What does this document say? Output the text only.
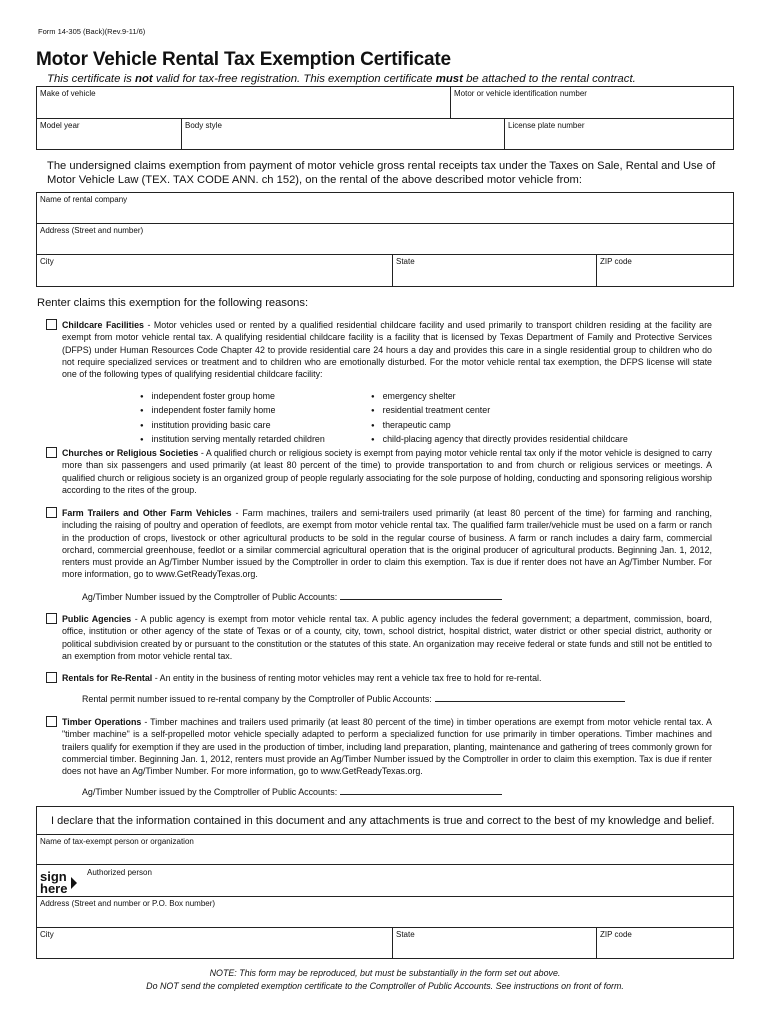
Form 14-305 (Back)(Rev.9-11/6)
Motor Vehicle Rental Tax Exemption Certificate
This certificate is not valid for tax-free registration. This exemption certificate must be attached to the rental contract.
Make of vehicle	Motor or vehicle identification number
Model year	Body style	License plate number
The undersigned claims exemption from payment of motor vehicle gross rental receipts tax under the Taxes on Sale, Rental and Use of Motor Vehicle Law (TEX. TAX CODE ANN. ch 152), on the rental of the above described motor vehicle from:
Name of rental company
Address (Street and number)
City	State	ZIP code
Renter claims this exemption for the following reasons:
Childcare Facilities - Motor vehicles used or rented by a qualified residential childcare facility and used primarily to transport children residing at the facility are exempt from motor vehicle rental tax. A qualifying residential childcare facility is a facility that is licensed by Texas Department of Family and Protective Services (DFPS) under Human Resources Code Chapter 42 to provide residential care 24 hours a day and provides this care in a single residential group to children who do not require specialized services or treatment and to children who are emotionally disturbed. For the motor vehicle rental tax exemption, the DFPS license will state one of the following types of qualifying residential childcare facility:
● independent foster group home
● independent foster family home
● institution providing basic care
● institution serving mentally retarded children
● emergency shelter
● residential treatment center
● therapeutic camp
● child-placing agency that directly provides residential childcare
Churches or Religious Societies - A qualified church or religious society is exempt from paying motor vehicle rental tax only if the motor vehicle is designed to carry more than six passengers and used primarily (at least 80 percent of the time) to provide transportation to and from church or religious services or meetings. A qualified church or religious society is an organized group of people regularly associating for the sole purpose of holding, conducting and sponsoring religious worship according to the rites of the group.
Farm Trailers and Other Farm Vehicles - Farm machines, trailers and semi-trailers used primarily (at least 80 percent of the time) for farming and ranching, including the raising of poultry and operation of feedlots, are exempt from motor vehicle rental tax. The qualified farm trailer/vehicle must be used on a farm or ranch in the production of crops, livestock or other agricultural products to be sold in the regular course of business. A farm or ranch includes a dairy farm, commercial orchard, commercial greenhouse, feedlot or a similar commercial agricultural operation that is the original producer of agricultural products. Beginning Jan. 1, 2012, renters must provide an Ag/Timber Number issued by the Comptroller in order to claim this exemption. Tax is due if renter does not have an Ag/Timber Number. For more information, go to www.GetReadyTexas.org.
Ag/Timber Number issued by the Comptroller of Public Accounts:
Public Agencies - A public agency is exempt from motor vehicle rental tax. A public agency includes the federal government; a department, commission, board, office, institution or other agency of the state of Texas or of a county, city, town, school district, hospital district, water district or other special district, authority or political subdivision created by or pursuant to the constitution or the statutes of this state. An organization may receive federal or state funds and still not be entitled to an exemption from motor vehicle rental tax.
Rentals for Re-Rental - An entity in the business of renting motor vehicles may rent a vehicle tax free to hold for re-rental.
Rental permit number issued to re-rental company by the Comptroller of Public Accounts:
Timber Operations - Timber machines and trailers used primarily (at least 80 percent of the time) in timber operations are exempt from motor vehicle rental tax. A "timber machine" is a self-propelled motor vehicle specially adapted to perform a specialized function for use primarily in timber operations. Timber machines and trailers qualify for exemption if they are used in the production of timber, including land preparation, planting, maintenance and gathering of trees commonly grown for commercial timber. Beginning Jan. 1, 2012, renters must provide an Ag/Timber Number issued by the Comptroller in order to claim this exemption. Tax is due if renter does not have an Ag/Timber Number. For more information, go to www.GetReadyTexas.org.
Ag/Timber Number issued by the Comptroller of Public Accounts:
I declare that the information contained in this document and any attachments is true and correct to the best of my knowledge and belief.
Name of tax-exempt person or organization
Authorized person
sign
here
Address (Street and number or P.O. Box number)
City	State	ZIP code
NOTE: This form may be reproduced, but must be substantially in the form set out above.
Do NOT send the completed exemption certificate to the Comptroller of Public Accounts. See instructions on front of form.
